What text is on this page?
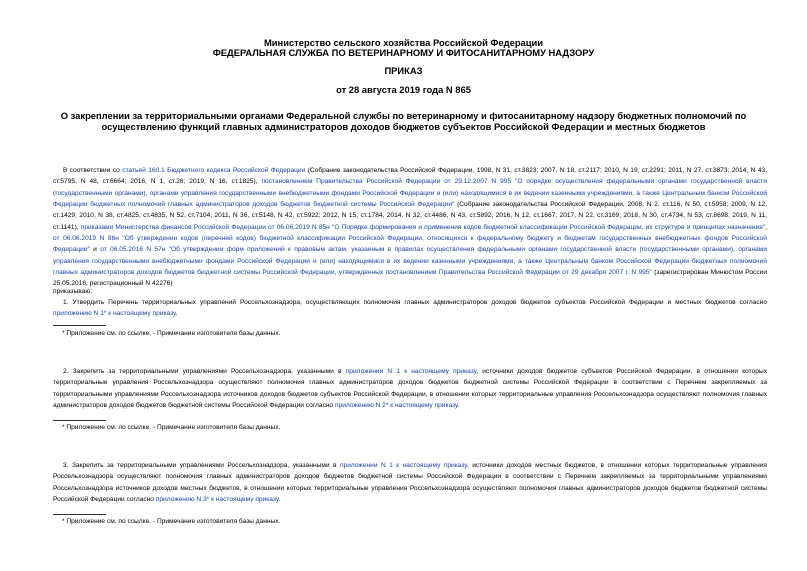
Министерство сельского хозяйства Российской Федерации
ФЕДЕРАЛЬНАЯ СЛУЖБА ПО ВЕТЕРИНАРНОМУ И ФИТОСАНИТАРНОМУ НАДЗОРУ
ПРИКАЗ
от 28 августа 2019 года N 865
О закреплении за территориальными органами Федеральной службы по ветеринарному и фитосанитарному надзору бюджетных полномочий по осуществлению функций главных администраторов доходов бюджетов субъектов Российской Федерации и местных бюджетов

В соответствии со статьей 160.1 Бюджетного кодекса Российской Федерации (Собрание законодательства Российской Федерации, 1998, N 31, ст.3823; 2007, N 18, ст.2117; 2010, N 19, ст.2291; 2011, N 27, ст.3873; 2014, N 43, ст.5795, N 48, ст.6664; 2016, N 1, ст.26; 2019, N 16, ст.1825), постановлением Правительства Российской Федерации от 29.12.2007 N 995 "О порядке осуществления федеральными органами государственной власти (государственными органами), органами управления государственными внебюджетными фондами Российской Федерации и (или) находящимися в их ведении казенными учреждениями, а также Центральным банком Российской Федерации бюджетных полномочий главных администраторов доходов бюджетов бюджетной системы Российской Федерации" (Собрание законодательства Российской Федерации, 2008, N 2, ст.116, N 50, ст.5958; 2009, N 12, ст.1429; 2010, N 38, ст.4825, ст.4835, N 52, ст.7104; 2011, N 36, ст.5148, N 42, ст.5922; 2012, N 15, ст.1784, 2014, N 32, ст.4486, N 43, ст.5892, 2016, N 12, ст.1667; 2017, N 22, ст.3169; 2018, N 30, ст.4734, N 53, ст.8698; 2019, N 11, ст.1141), приказами Министерства финансов Российской Федерации от 06.06.2019 N 85н "О Порядке формирования и применения кодов бюджетной классификации Российской Федерации, их структуре и принципах назначения", от 06.06.2019 N 86н "Об утверждении кодов (перечней кодов) бюджетной классификации Российской Федерации, относящихся к федеральному бюджету и бюджетам государственных внебюджетных фондов Российской Федерации" и от 06.05.2016 N 57н "Об утверждении форм приложений к правовым актам, указанным в правилах осуществления федеральными органами государственной власти (государственными органами), органами управления государственными внебюджетными фондами Российской Федерации и (или) находящимися в их ведении казенными учреждениями, а также Центральным банком Российской Федерации бюджетных полномочий главных администраторов доходов бюджетов бюджетной системы Российской Федерации, утвержденных постановлением Правительства Российской Федерации от 29 декабря 2007 г. N 995" (зарегистрирован Минюстом России 25.05.2016, регистрационный N 42276)

приказываю:

1. Утвердить Перечень территориальных управлений Россельхознадзора, осуществляющих полномочия главных администраторов доходов бюджетов субъектов Российской Федерации и местных бюджетов согласно приложению N 1* к настоящему приказу.

* Приложение см. по ссылке. - Примечание изготовителя базы данных.

2. Закрепить за территориальными управлениями Россельхознадзора, указанными в приложении N 1 к настоящему приказу, источники доходов бюджетов субъектов Российской Федерации, в отношении которых территориальные управления Россельхознадзора осуществляют полномочия главных администраторов доходов бюджетов бюджетной системы Российской Федерации в соответствии с Перечнем закрепляемых за территориальными управлениями Россельхознадзора источников доходов бюджетов субъектов Российской Федерации, в отношении которых территориальные управления Россельхознадзора осуществляют полномочия главных администраторов доходов бюджетов бюджетной системы Российской Федерации согласно приложению N 2* к настоящему приказу.

* Приложение см. по ссылке. - Примечание изготовителя базы данных.

3. Закрепить за территориальными управлениями Россельхознадзора, указанными в приложении N 1 к настоящему приказу, источники доходов местных бюджетов, в отношении которых территориальные управления Россельхознадзора осуществляют полномочия главных администраторов доходов бюджетов бюджетной системы Российской Федерации в соответствии с Перечнем закрепляемых за территориальными управлениями Россельхознадзора источников доходов местных бюджетов, в отношении которых территориальные управления Россельхознадзора осуществляют полномочия главных администраторов доходов бюджетов бюджетной системы Российской Федерации согласно приложению N 3* к настоящему приказу.

* Приложение см. по ссылке. - Примечание изготовителя базы данных.
